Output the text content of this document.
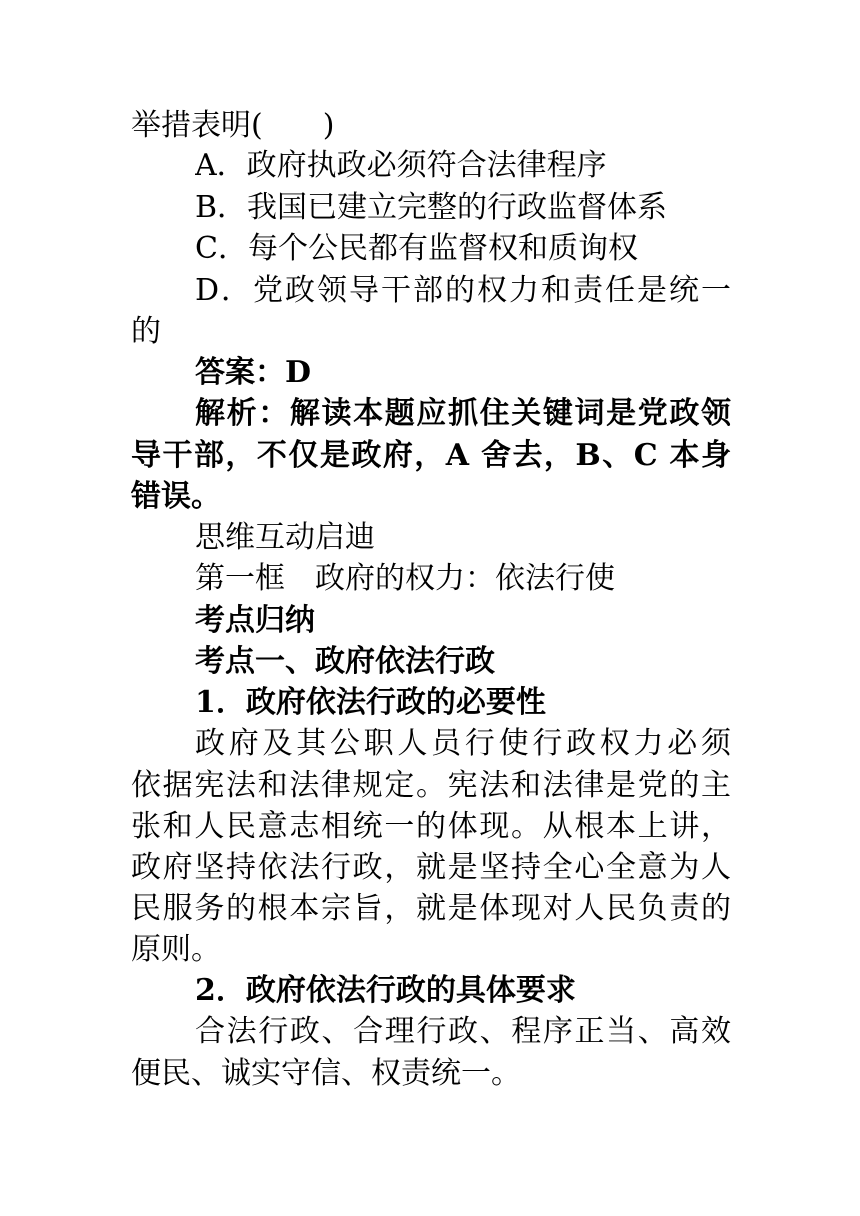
举措表明(　　)
A．政府执政必须符合法律程序
B．我国已建立完整的行政监督体系
C．每个公民都有监督权和质询权
D．党政领导干部的权力和责任是统一
的
答案：D
解析：解读本题应抓住关键词是党政领
导干部，不仅是政府，A 舍去，B、C 本身
错误。
思维互动启迪
第一框　政府的权力：依法行使
考点归纳
考点一、政府依法行政
1．政府依法行政的必要性
政府及其公职人员行使行政权力必须
依据宪法和法律规定。宪法和法律是党的主
张和人民意志相统一的体现。从根本上讲，
政府坚持依法行政，就是坚持全心全意为人
民服务的根本宗旨，就是体现对人民负责的
原则。
2．政府依法行政的具体要求
合法行政、合理行政、程序正当、高效
便民、诚实守信、权责统一。
